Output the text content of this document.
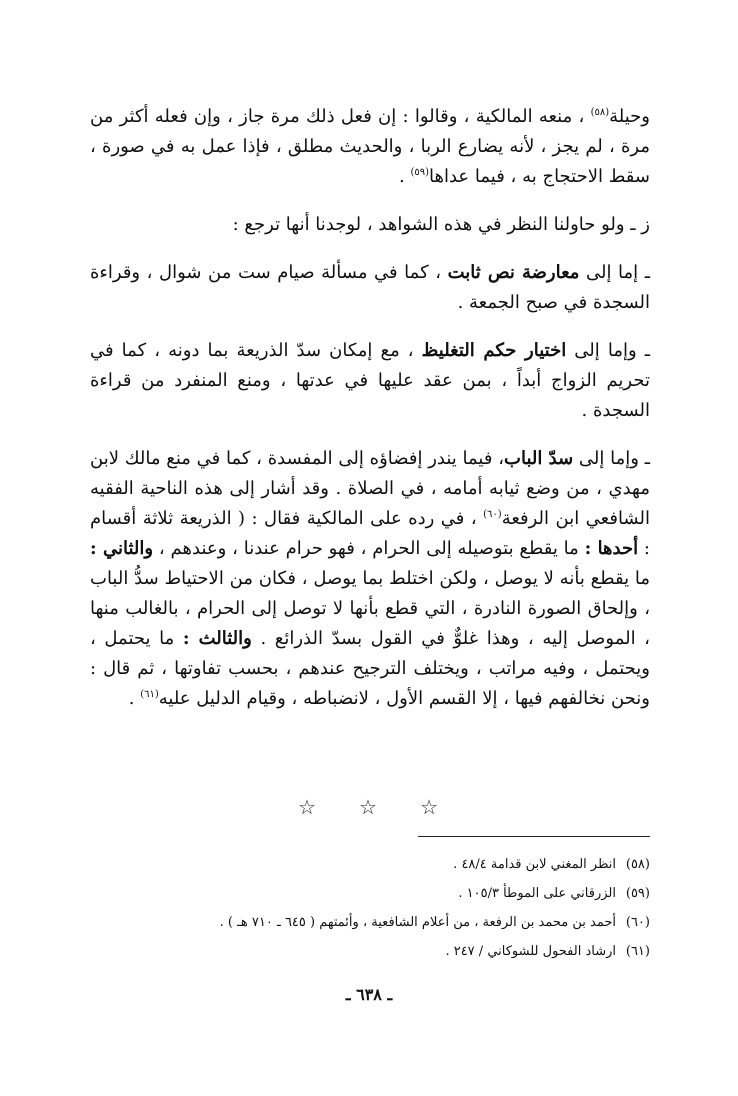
وحيلة$^{(٥٨)}$ ، منعه المالكية ، وقالوا : إن فعل ذلك مرة جاز ، وإن فعله أكثر من مرة ، لم يجز ، لأنه يضارع الربا ، والحديث مطلق ، فإذا عمل به في صورة ، سقط الاحتجاج به ، فيما عداها$^{(٥٩)}$ .

ز ـ ولو حاولنا النظر في هذه الشواهد ، لوجدنا أنها ترجع :

ـ إما إلى معارضة نص ثابت ، كما في مسألة صيام ست من شوال ، وقراءة السجدة في صبح الجمعة .

ـ وإما إلى اختيار حكم التغليظ ، مع إمكان سدّ الذريعة بما دونه ، كما في تحريم الزواج أبداً ، بمن عقد عليها في عدتها ، ومنع المنفرد من قراءة السجدة .

ـ وإما إلى سدّ الباب، فيما يندر إفضاؤه إلى المفسدة ، كما في منع مالك لابن مهدي ، من وضع ثيابه أمامه ، في الصلاة . وقد أشار إلى هذه الناحية الفقيه الشافعي ابن الرفعة$^{(٦٠)}$ ، في رده على المالكية فقال : ( الذريعة ثلاثة أقسام : أحدها : ما يقطع بتوصيله إلى الحرام ، فهو حرام عندنا ، وعندهم ، والثاني : ما يقطع بأنه لا يوصل ، ولكن اختلط بما يوصل ، فكان من الاحتياط سدُّ الباب ، وإلحاق الصورة النادرة ، التي قطع بأنها لا توصل إلى الحرام ، بالغالب منها ، الموصل إليه ، وهذا غلوٌّ في القول بسدّ الذرائع . والثالث : ما يحتمل ، ويحتمل ، وفيه مراتب ، ويختلف الترجيح عندهم ، بحسب تفاوتها ، ثم قال : ونحن نخالفهم فيها ، إلا القسم الأول ، لانضباطه ، وقيام الدليل عليه$^{(٦١)}$ .

☆ ☆ ☆
(٥٨)
انظر المغني لابن قدامة ٤٨/٤ .
(٥٩)
الزرقاني على الموطأ ١٠٥/٣ .
(٦٠)
أحمد بن محمد بن الرفعة ، من أعلام الشافعية ، وأئمتهم ( ٦٤٥ ـ ٧١٠ هـ ) .
(٦١)
ارشاد الفحول للشوكاني / ٢٤٧ .
ـ ٦٣٨ ـ
